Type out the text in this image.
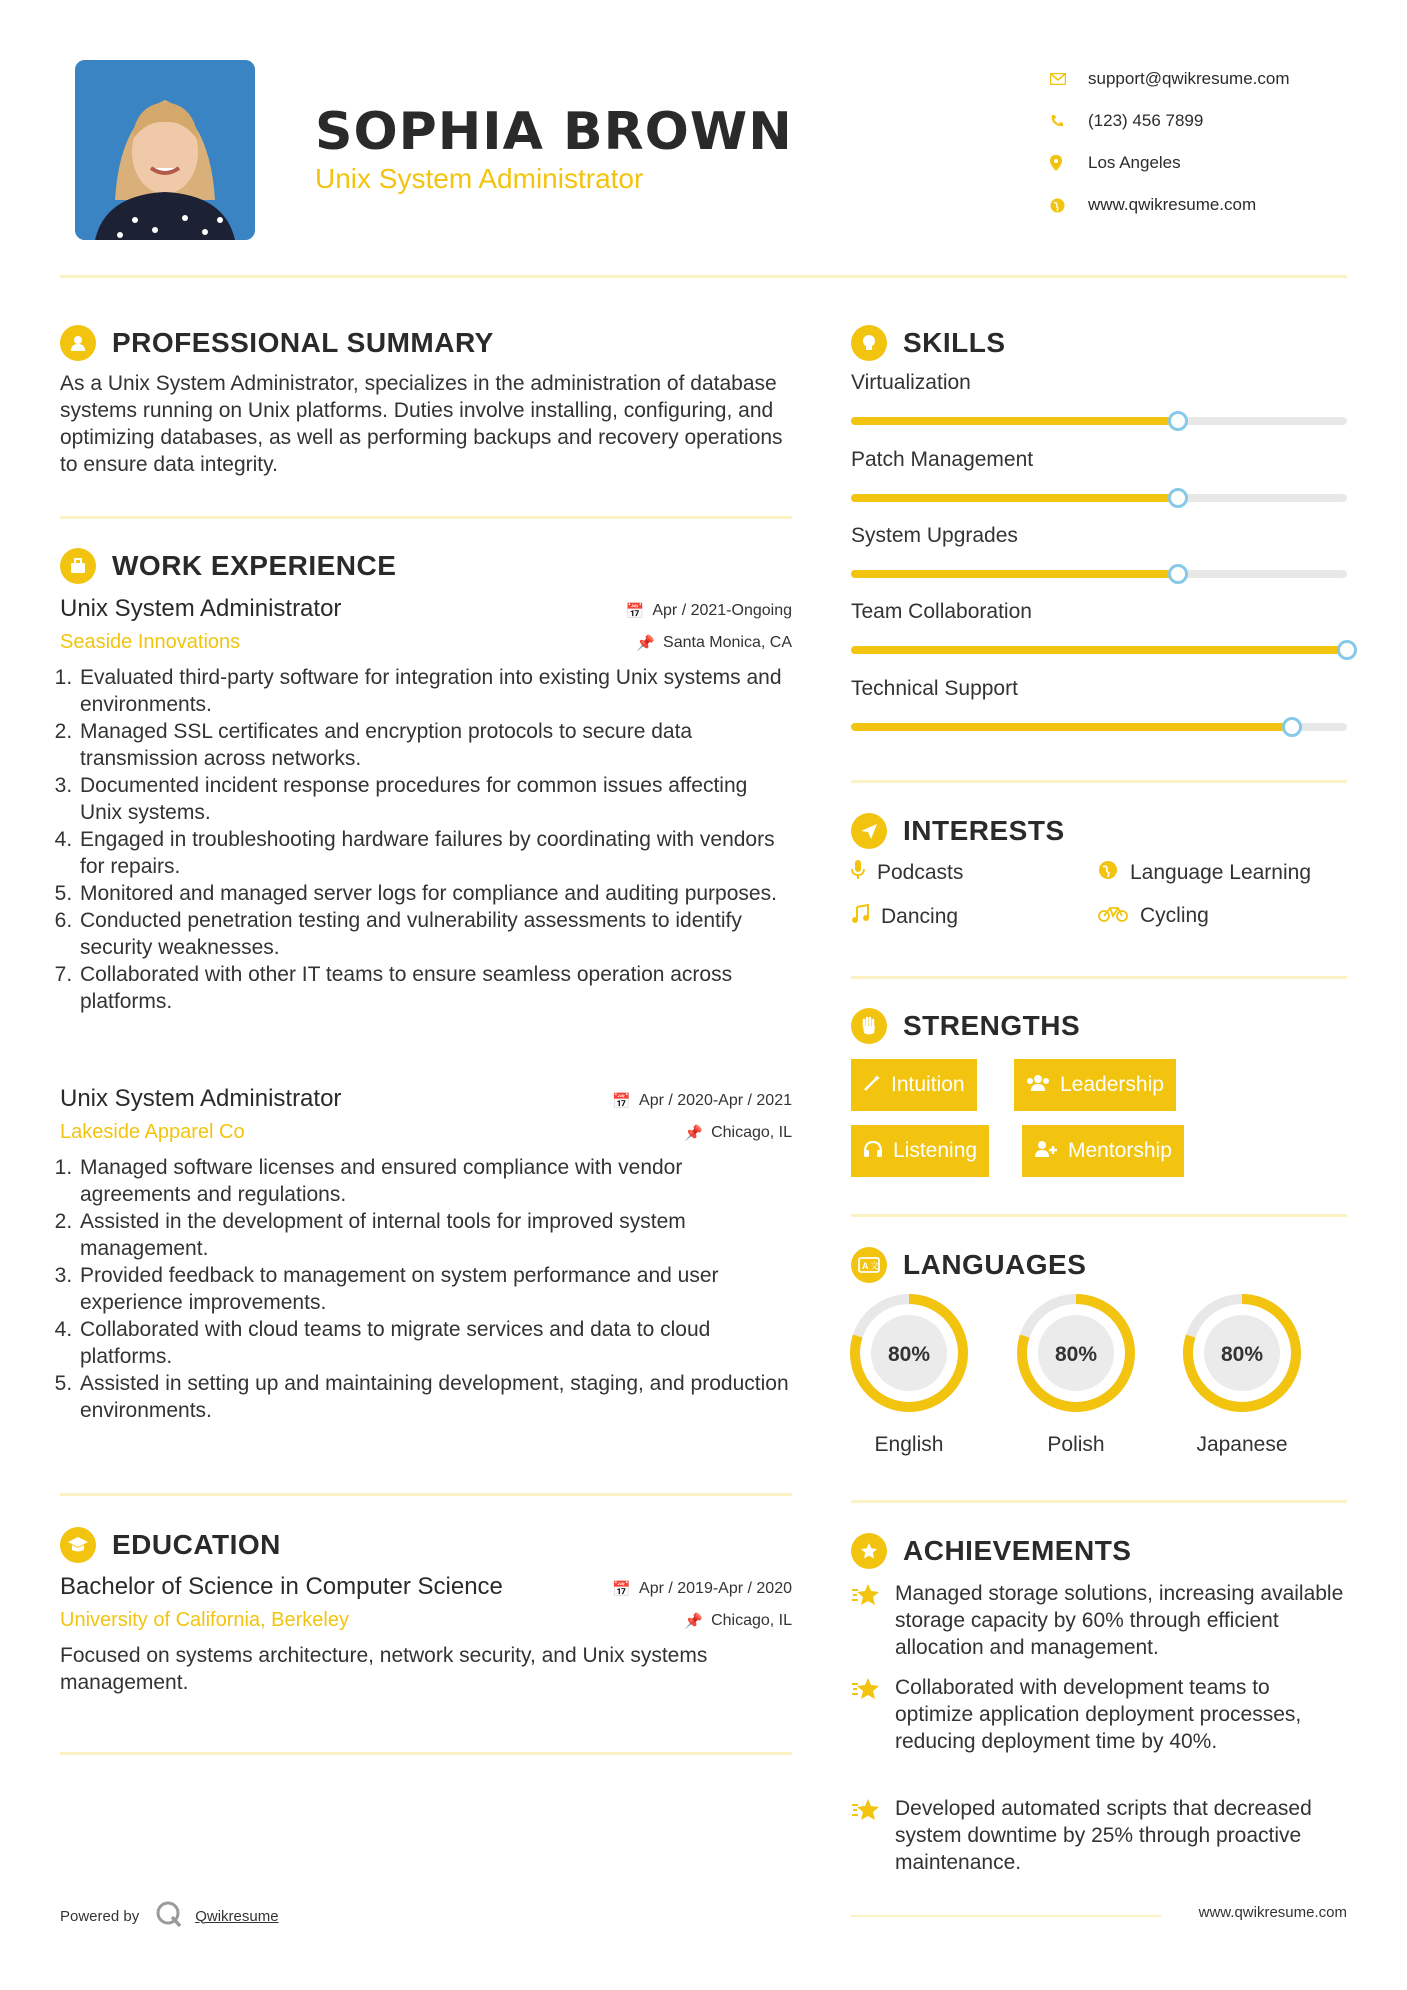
SOPHIA BROWN
Unix System Administrator
support@qwikresume.com
(123) 456 7899
Los Angeles
www.qwikresume.com
PROFESSIONAL SUMMARY
As a Unix System Administrator, specializes in the administration of database systems running on Unix platforms. Duties involve installing, configuring, and optimizing databases, as well as performing backups and recovery operations to ensure data integrity.
WORK EXPERIENCE
Unix System Administrator
Seaside Innovations
📅 Apr / 2021-Ongoing
📌 Santa Monica, CA
1. Evaluated third-party software for integration into existing Unix systems and environments.
2. Managed SSL certificates and encryption protocols to secure data transmission across networks.
3. Documented incident response procedures for common issues affecting Unix systems.
4. Engaged in troubleshooting hardware failures by coordinating with vendors for repairs.
5. Monitored and managed server logs for compliance and auditing purposes.
6. Conducted penetration testing and vulnerability assessments to identify security weaknesses.
7. Collaborated with other IT teams to ensure seamless operation across platforms.
Unix System Administrator
Lakeside Apparel Co
📅 Apr / 2020-Apr / 2021
📌 Chicago, IL
1. Managed software licenses and ensured compliance with vendor agreements and regulations.
2. Assisted in the development of internal tools for improved system management.
3. Provided feedback to management on system performance and user experience improvements.
4. Collaborated with cloud teams to migrate services and data to cloud platforms.
5. Assisted in setting up and maintaining development, staging, and production environments.
EDUCATION
Bachelor of Science in Computer Science
University of California, Berkeley
📅 Apr / 2019-Apr / 2020
📌 Chicago, IL
Focused on systems architecture, network security, and Unix systems management.
SKILLS
Virtualization
Patch Management
System Upgrades
Team Collaboration
Technical Support
INTERESTS
Podcasts	Language Learning
Dancing	Cycling
STRENGTHS
Intuition	Leadership
Listening	Mentorship
A 文 LANGUAGES
80%
English
80%
Polish
80%
Japanese
ACHIEVEMENTS
Managed storage solutions, increasing available storage capacity by 60% through efficient allocation and management.
Collaborated with development teams to optimize application deployment processes, reducing deployment time by 40%.
Developed automated scripts that decreased system downtime by 25% through proactive maintenance.
Powered by	Qwikresume	www.qwikresume.com
